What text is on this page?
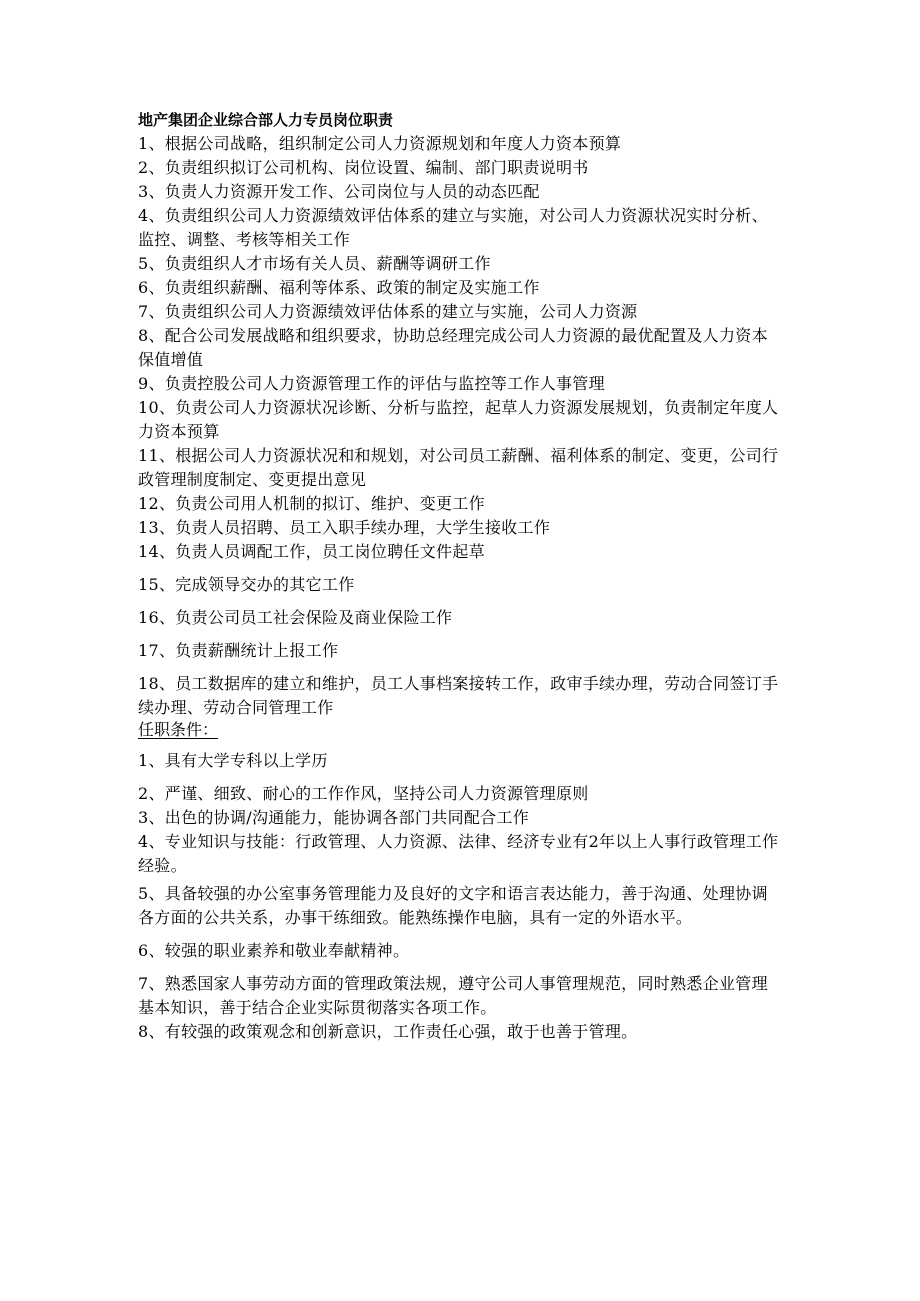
地产集团企业综合部人力专员岗位职责

1、根据公司战略，组织制定公司人力资源规划和年度人力资本预算

2、负责组织拟订公司机构、岗位设置、编制、部门职责说明书

3、负责人力资源开发工作、公司岗位与人员的动态匹配

4、负责组织公司人力资源绩效评估体系的建立与实施，对公司人力资源状况实时分析、监控、调整、考核等相关工作

5、负责组织人才市场有关人员、薪酬等调研工作

6、负责组织薪酬、福利等体系、政策的制定及实施工作

7、负责组织公司人力资源绩效评估体系的建立与实施，公司人力资源

8、配合公司发展战略和组织要求，协助总经理完成公司人力资源的最优配置及人力资本保值增值

9、负责控股公司人力资源管理工作的评估与监控等工作人事管理

10、负责公司人力资源状况诊断、分析与监控，起草人力资源发展规划，负责制定年度人力资本预算

11、根据公司人力资源状况和和规划，对公司员工薪酬、福利体系的制定、变更，公司行政管理制度制定、变更提出意见

12、负责公司用人机制的拟订、维护、变更工作

13、负责人员招聘、员工入职手续办理，大学生接收工作

14、负责人员调配工作，员工岗位聘任文件起草

15、完成领导交办的其它工作

16、负责公司员工社会保险及商业保险工作

17、负责薪酬统计上报工作

18、员工数据库的建立和维护，员工人事档案接转工作，政审手续办理，劳动合同签订手续办理、劳动合同管理工作

任职条件：

1、具有大学专科以上学历

2、严谨、细致、耐心的工作作风，坚持公司人力资源管理原则

3、出色的协调/沟通能力，能协调各部门共同配合工作

4、专业知识与技能：行政管理、人力资源、法律、经济专业有2年以上人事行政管理工作经验。

5、具备较强的办公室事务管理能力及良好的文字和语言表达能力，善于沟通、处理协调各方面的公共关系，办事干练细致。能熟练操作电脑，具有一定的外语水平。

6、较强的职业素养和敬业奉献精神。

7、熟悉国家人事劳动方面的管理政策法规，遵守公司人事管理规范，同时熟悉企业管理基本知识，善于结合企业实际贯彻落实各项工作。

8、有较强的政策观念和创新意识，工作责任心强，敢于也善于管理。
